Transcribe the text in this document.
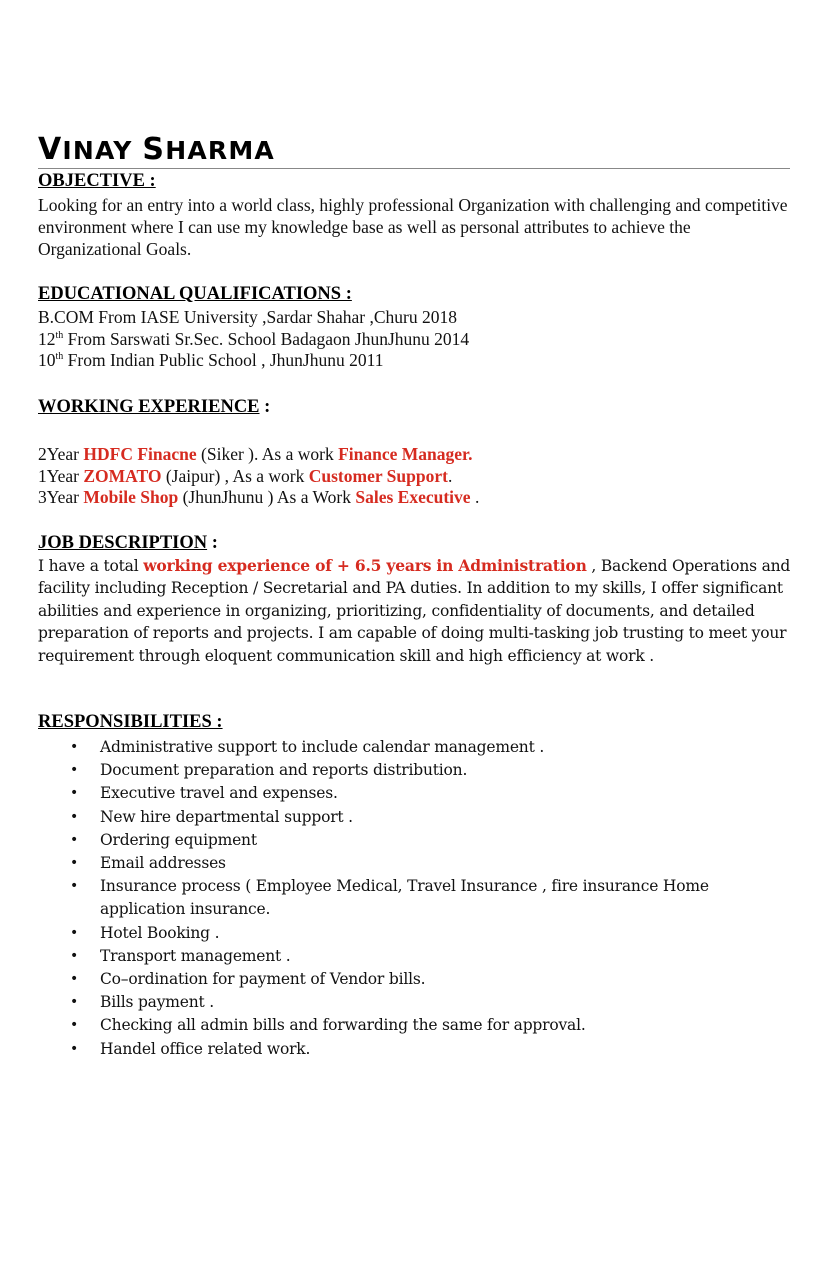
VINAY SHARMA
OBJECTIVE :

Looking for an entry into a world class, highly professional Organization with challenging and competitive environment where I can use my knowledge base as well as personal attributes to achieve the Organizational Goals.

EDUCATIONAL QUALIFICATIONS :

B.COM From IASE University ,Sardar Shahar ,Churu 2018

12th From Sarswati Sr.Sec. School Badagaon JhunJhunu 2014

10th From Indian Public School , JhunJhunu 2011

WORKING EXPERIENCE :

2Year HDFC Finacne (Siker ). As a work Finance Manager.

1Year ZOMATO (Jaipur) , As a work Customer Support.

3Year Mobile Shop (JhunJhunu ) As a Work Sales Executive .

JOB DESCRIPTION :

I have a total working experience of + 6.5 years in Administration , Backend Operations and facility including Reception / Secretarial and PA duties. In addition to my skills, I offer significant abilities and experience in organizing, prioritizing, confidentiality of documents, and detailed preparation of reports and projects. I am capable of doing multi-tasking job trusting to meet your requirement through eloquent communication skill and high efficiency at work .

RESPONSIBILITIES :
• Administrative support to include calendar management .
• Document preparation and reports distribution.
• Executive travel and expenses.
• New hire departmental support .
• Ordering equipment
• Email addresses
• Insurance process ( Employee Medical, Travel Insurance , fire insurance Home application insurance.
• Hotel Booking .
• Transport management .
• Co–ordination for payment of Vendor bills.
• Bills payment .
• Checking all admin bills and forwarding the same for approval.
• Handel office related work.
